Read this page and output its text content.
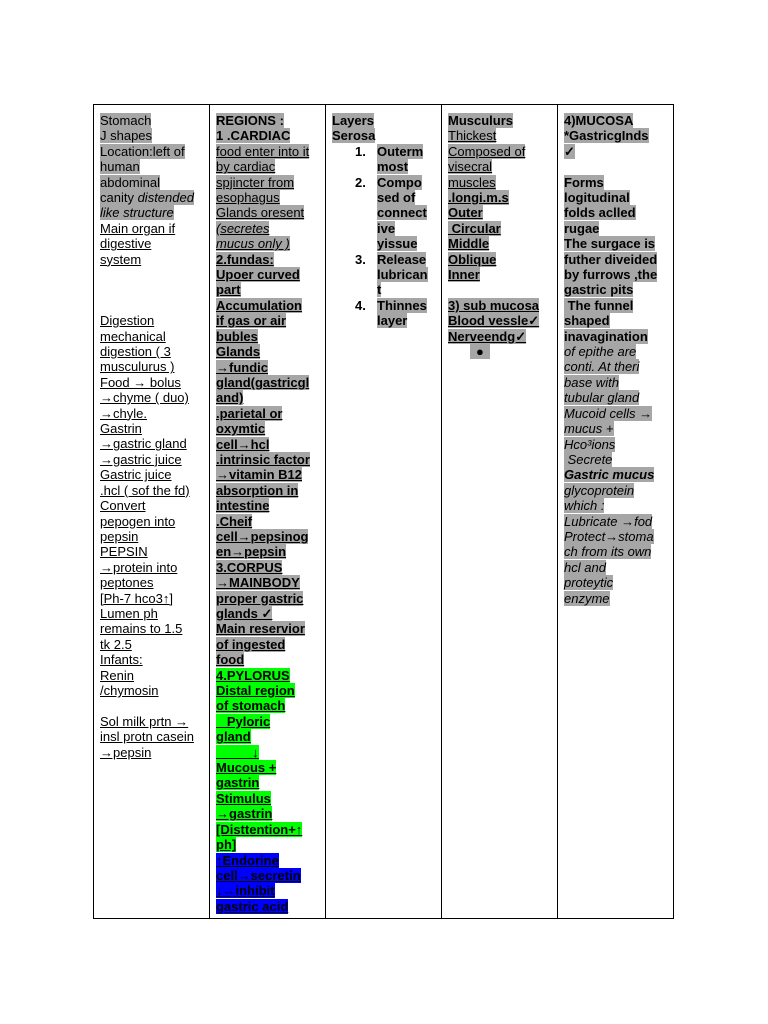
Stomach
J shapes
Location:left of
human
abdominal
canity distended
like structure
Main organ if
digestive
system
Digestion
mechanical
digestion ( 3
musculurus )
Food → bolus
→chyme ( duo)
→chyle.
Gastrin
→gastric gland
→gastric juice
Gastric juice
.hcl ( sof the fd)
Convert
pepogen into
pepsin
PEPSIN
→protein into
peptones
[Ph-7 hco3↑]
Lumen ph
remains to 1.5
tk 2.5
Infants:
Renin
/chymosin
Sol milk prtn →
insl protn casein
→pepsin

REGIONS :
1 .CARDIAC
food enter into it
by cardiac
spjincter from
esophagus
Glands oresent
(secretes
mucus only )
2.fundas:
Upoer curved
part
Accumulation
if gas or air
bubles
Glands
→fundic
gland(gastricgl
and)
.parietal or
oxymtic
cell→hcl
.intrinsic factor
→vitamin B12
absorption in
intestine
.Cheif
cell→pepsinog
en→pepsin
3.CORPUS
→MAINBODY
proper gastric
glands ✓
Main reservior
of ingested
food
4.PYLORUS
Distal region
of stomach
Pyloric
gland
↓
Mucous +
gastrin
Stimulus
→gastrin
[Disttention+↑
ph]
↑Endorine
cell→secretin
↓→inhibit
gastric acid

Layers
Serosa
1. Outerm
most
2. Compo
sed of
connect
ive
yissue
3. Release
lubrican
t
4. Thinnes
layer

Musculurs
Thickest
Composed of
visecral
muscles
.longi.m.s
Outer
Circular
Middle
Oblique
Inner
3) sub mucosa
Blood vessle✓
Nerveendg✓
●

4)MUCOSA
*GastricgInds
✓
Forms
logitudinal
folds aclled
rugae
The surgace is
futher diveided
by furrows ,the
gastric pits
The funnel
shaped
inavagination
of epithe are
conti. At theri
base with
tubular gland
Mucoid cells →
mucus +
Hco³ions
Secrete
Gastric mucus
glycoprotein
which :
Lubricate →fod
Protect→stoma
ch from its own
hcl and
proteytic
enzyme
